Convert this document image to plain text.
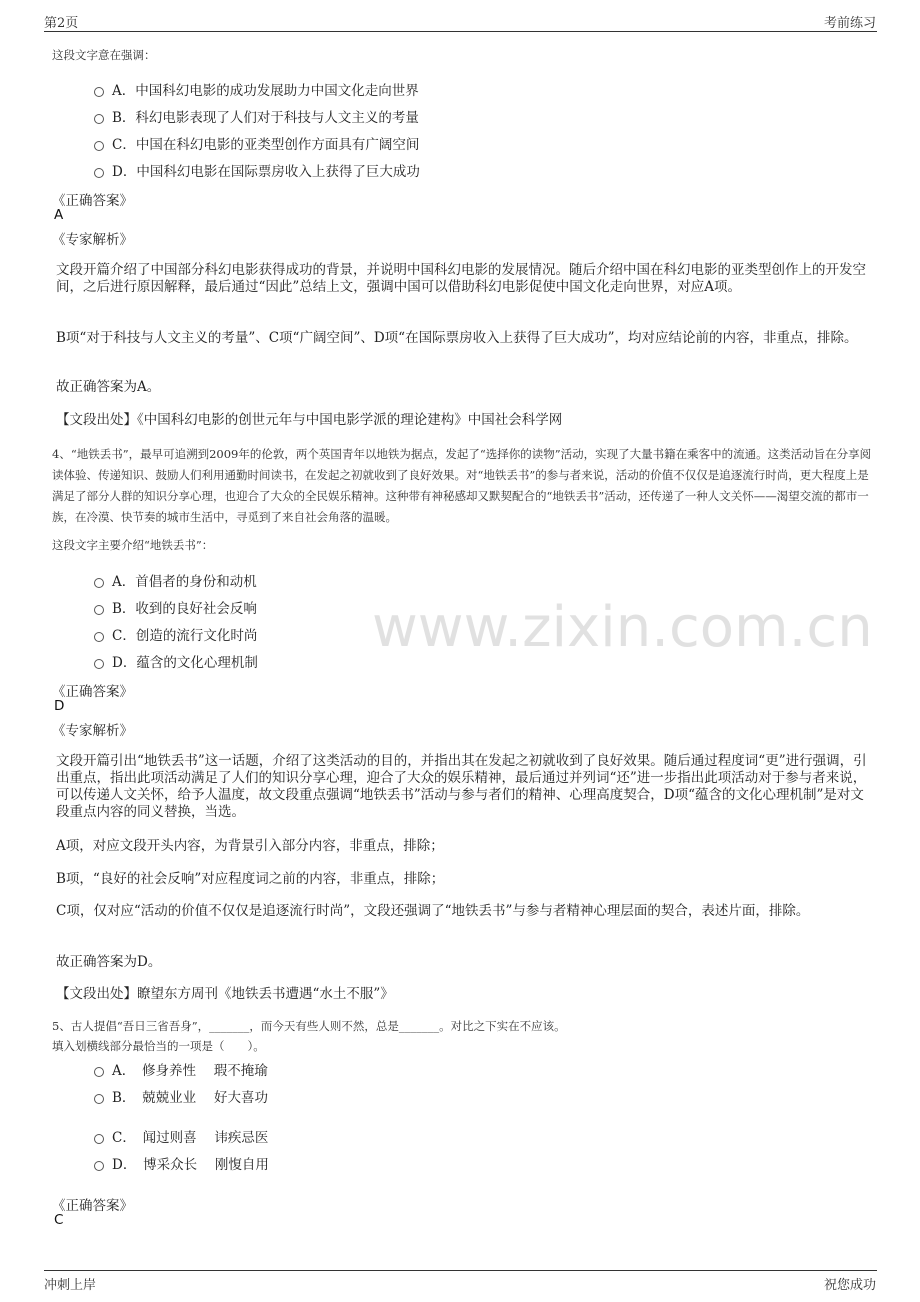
第2页	考前练习
www.zixin.com.cn
这段文字意在强调：
A．中国科幻电影的成功发展助力中国文化走向世界
B．科幻电影表现了人们对于科技与人文主义的考量
C．中国在科幻电影的亚类型创作方面具有广阔空间
D．中国科幻电影在国际票房收入上获得了巨大成功
《正确答案》
A
《专家解析》
文段开篇介绍了中国部分科幻电影获得成功的背景，并说明中国科幻电影的发展情况。随后介绍中国在科幻电影的亚类型创作上的开发空间，之后进行原因解释，最后通过“因此”总结上文，强调中国可以借助科幻电影促使中国文化走向世界，对应A项。
B项“对于科技与人文主义的考量”、C项“广阔空间”、D项“在国际票房收入上获得了巨大成功”，均对应结论前的内容，非重点，排除。
故正确答案为A。
【文段出处】《中国科幻电影的创世元年与中国电影学派的理论建构》中国社会科学网
4、“地铁丢书”，最早可追溯到2009年的伦敦，两个英国青年以地铁为据点，发起了“选择你的读物”活动，实现了大量书籍在乘客中的流通。这类活动旨在分享阅读体验、传递知识、鼓励人们利用通勤时间读书，在发起之初就收到了良好效果。对“地铁丢书”的参与者来说，活动的价值不仅仅是追逐流行时尚，更大程度上是满足了部分人群的知识分享心理，也迎合了大众的全民娱乐精神。这种带有神秘感却又默契配合的“地铁丢书”活动，还传递了一种人文关怀——渴望交流的都市一族，在冷漠、快节奏的城市生活中，寻觅到了来自社会角落的温暖。
这段文字主要介绍“地铁丢书”：
A．首倡者的身份和动机
B．收到的良好社会反响
C．创造的流行文化时尚
D．蕴含的文化心理机制
《正确答案》
D
《专家解析》
文段开篇引出“地铁丢书”这一话题，介绍了这类活动的目的，并指出其在发起之初就收到了良好效果。随后通过程度词“更”进行强调，引出重点，指出此项活动满足了人们的知识分享心理，迎合了大众的娱乐精神，最后通过并列词“还”进一步指出此项活动对于参与者来说，可以传递人文关怀，给予人温度，故文段重点强调“地铁丢书”活动与参与者们的精神、心理高度契合，D项“蕴含的文化心理机制”是对文段重点内容的同义替换，当选。
A项，对应文段开头内容，为背景引入部分内容，非重点，排除；
B项，“良好的社会反响”对应程度词之前的内容，非重点，排除；
C项，仅对应“活动的价值不仅仅是追逐流行时尚”，文段还强调了“地铁丢书”与参与者精神心理层面的契合，表述片面，排除。
故正确答案为D。
【文段出处】瞭望东方周刊《地铁丢书遭遇“水土不服”》
5、古人提倡“吾日三省吾身”，_______，而今天有些人则不然，总是_______。对比之下实在不应该。
填入划横线部分最恰当的一项是（　　）。
A．　修身养性　 瑕不掩瑜
B．　兢兢业业　 好大喜功
C．　闻过则喜　 讳疾忌医
D．　博采众长　 刚愎自用
《正确答案》
C
冲刺上岸	祝您成功
